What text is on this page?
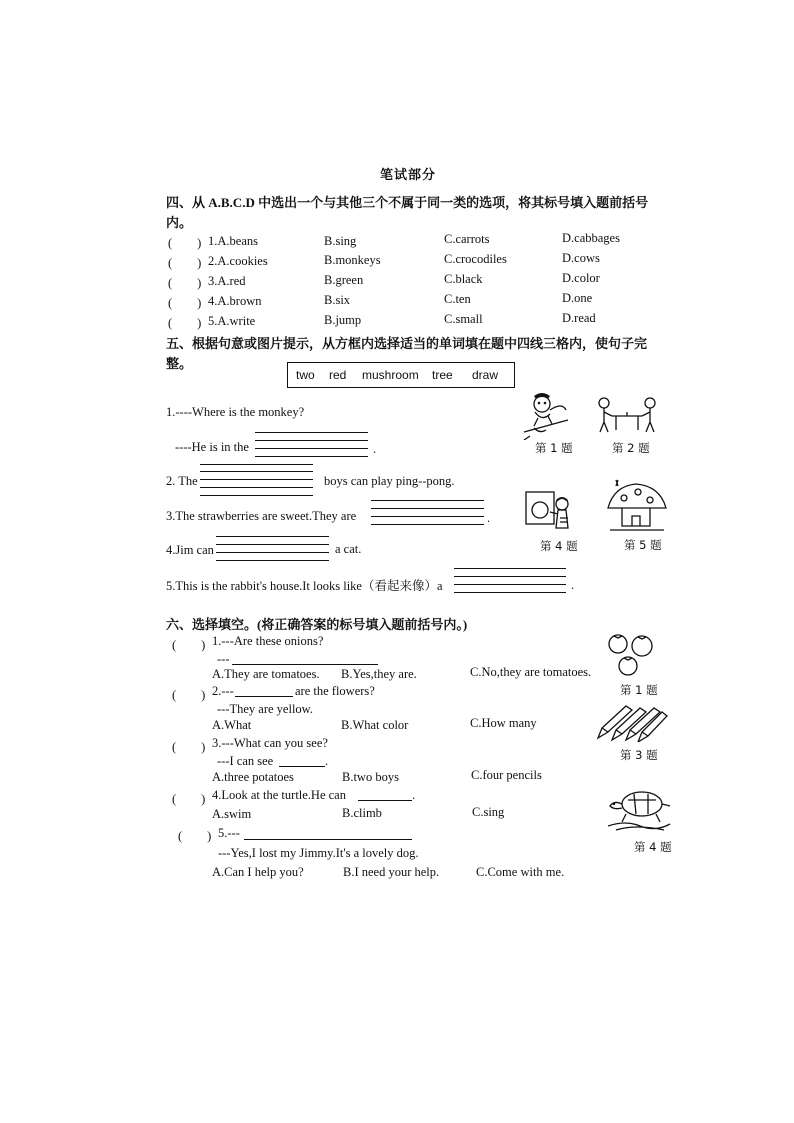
笔试部分
四、从 A.B.C.D 中选出一个与其他三个不属于同一类的选项，将其标号填入题前括号
内。
(　　) 1.A.beans	B.sing	C.carrots	D.cabbages
(　　) 2.A.cookies	B.monkeys	C.crocodiles	D.cows
(　　) 3.A.red	B.green	C.black	D.color
(　　) 4.A.brown	B.six	C.ten	D.one
(　　) 5.A.write	B.jump	C.small	D.read
五、根据句意或图片提示，从方框内选择适当的单词填在题中四线三格内，使句子完
整。
two red mushroom tree draw
1.----Where is the monkey?
----He is in the	.
2. The	boys can play ping--pong.
3.The strawberries are sweet.They are	.
4.Jim can	a cat.
5.This is the rabbit's house.It looks like（看起来像）a	.
第 1 题	第 2 题
第 4 题	第 5 题
六、选择填空。(将正确答案的标号填入题前括号内。)
(　　) 1.---Are these onions?
---
A.They are tomatoes. B.Yes,they are.	C.No,they are tomatoes.
第 1 题
(　　) 2.---	are the flowers?
---They are yellow.
A.What	B.What color	C.How many
第 3 题
(　　) 3.---What can you see?
---I can see	.
A.three potatoes	B.two boys	C.four pencils
(　　) 4.Look at the turtle.He can	.
A.swim	B.climb	C.sing
第 4 题
(　　) 5.---
---Yes,I lost my Jimmy.It's a lovely dog.
A.Can I help you?	B.I need your help.	C.Come with me.
